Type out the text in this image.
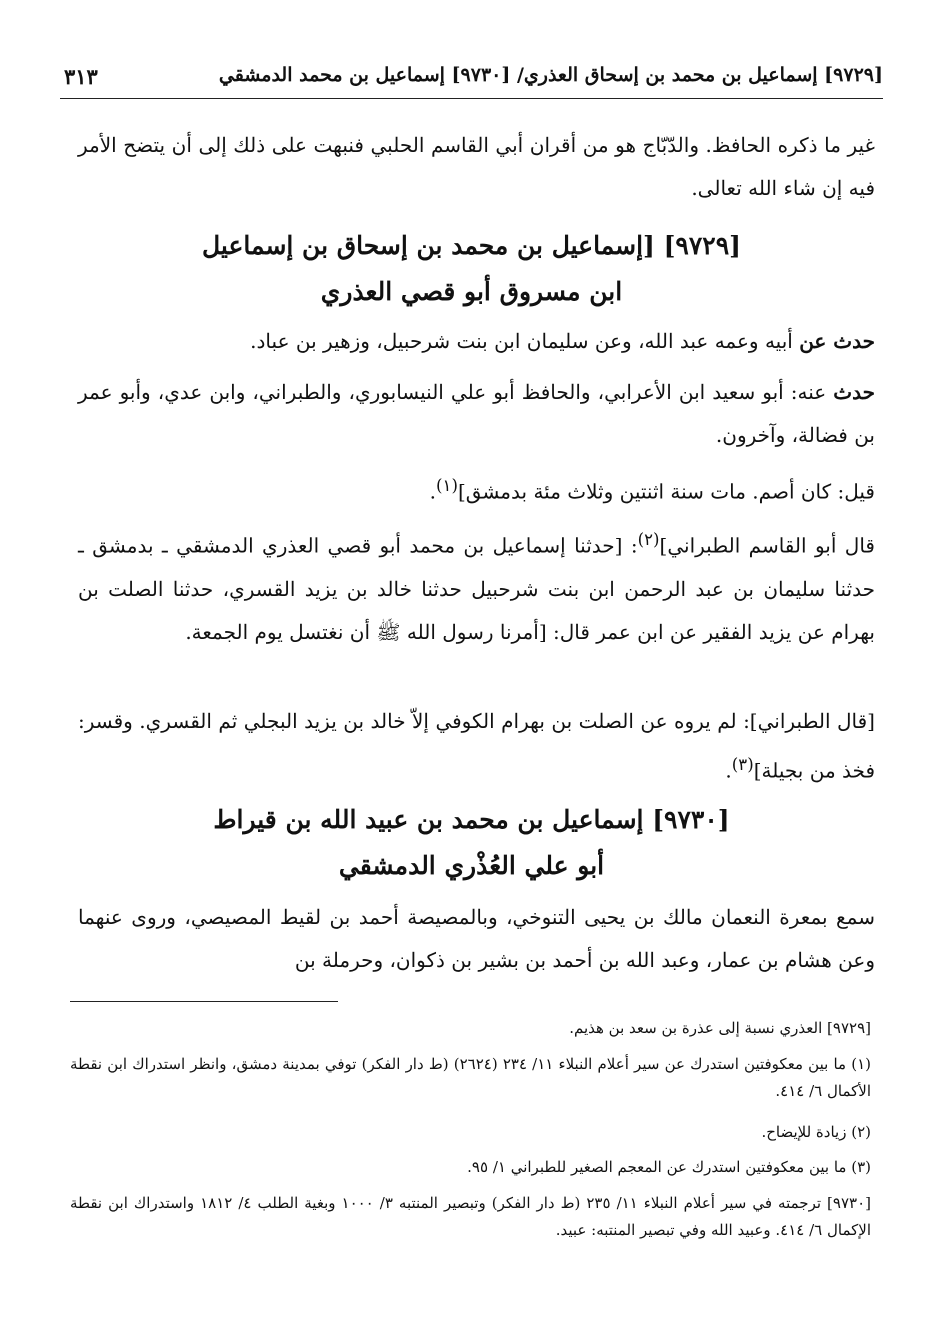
[٩٧٢٩] إسماعيل بن محمد بن إسحاق العذري/ [٩٧٣٠] إسماعيل بن محمد الدمشقي
٣١٣
غير ما ذكره الحافظ. والدّبّاج هو من أقران أبي القاسم الحلبي فنبهت على ذلك إلى أن يتضح الأمر فيه إن شاء الله تعالى.
[٩٧٢٩] [إسماعيل بن محمد بن إسحاق بن إسماعيل
ابن مسروق أبو قصي العذري
حدث عن أبيه وعمه عبد الله، وعن سليمان ابن بنت شرحبيل، وزهير بن عباد.
حدث عنه: أبو سعيد ابن الأعرابي، والحافظ أبو علي النيسابوري، والطبراني، وابن عدي، وأبو عمر بن فضالة، وآخرون.
قيل: كان أصم. مات سنة اثنتين وثلاث مئة بدمشق]$^{(١)}$.
قال أبو القاسم الطبراني]$^{(٢)}$: [حدثنا إسماعيل بن محمد أبو قصي العذري الدمشقي ـ بدمشق ـ حدثنا سليمان بن عبد الرحمن ابن بنت شرحبيل حدثنا خالد بن يزيد القسري، حدثنا الصلت بن بهرام عن يزيد الفقير عن ابن عمر قال: [أمرنا رسول الله ﷺ أن نغتسل يوم الجمعة.
[قال الطبراني]: لم يروه عن الصلت بن بهرام الكوفي إلاّ خالد بن يزيد البجلي ثم القسري. وقسر: فخذ من بجيلة]$^{(٣)}$.
[٩٧٣٠] إسماعيل بن محمد بن عبيد الله بن قيراط
أبو علي العُذْري الدمشقي
سمع بمعرة النعمان مالك بن يحيى التنوخي، وبالمصيصة أحمد بن لقيط المصيصي، وروى عنهما وعن هشام بن عمار، وعبد الله بن أحمد بن بشير بن ذكوان، وحرملة بن
[٩٧٢٩] العذري نسبة إلى عذرة بن سعد بن هذيم.
(١) ما بين معكوفتين استدرك عن سير أعلام النبلاء ١١/ ٢٣٤ (٢٦٢٤) (ط دار الفكر) توفي بمدينة دمشق، وانظر استدراك ابن نقطة الأكمال ٦/ ٤١٤.
(٢) زيادة للإيضاح.
(٣) ما بين معكوفتين استدرك عن المعجم الصغير للطبراني ١/ ٩٥.
[٩٧٣٠] ترجمته في سير أعلام النبلاء ١١/ ٢٣٥ (ط دار الفكر) وتبصير المنتبه ٣/ ١٠٠٠ وبغية الطلب ٤/ ١٨١٢ واستدراك ابن نقطة الإكمال ٦/ ٤١٤. وعبيد الله وفي تبصير المنتبه: عبيد.
